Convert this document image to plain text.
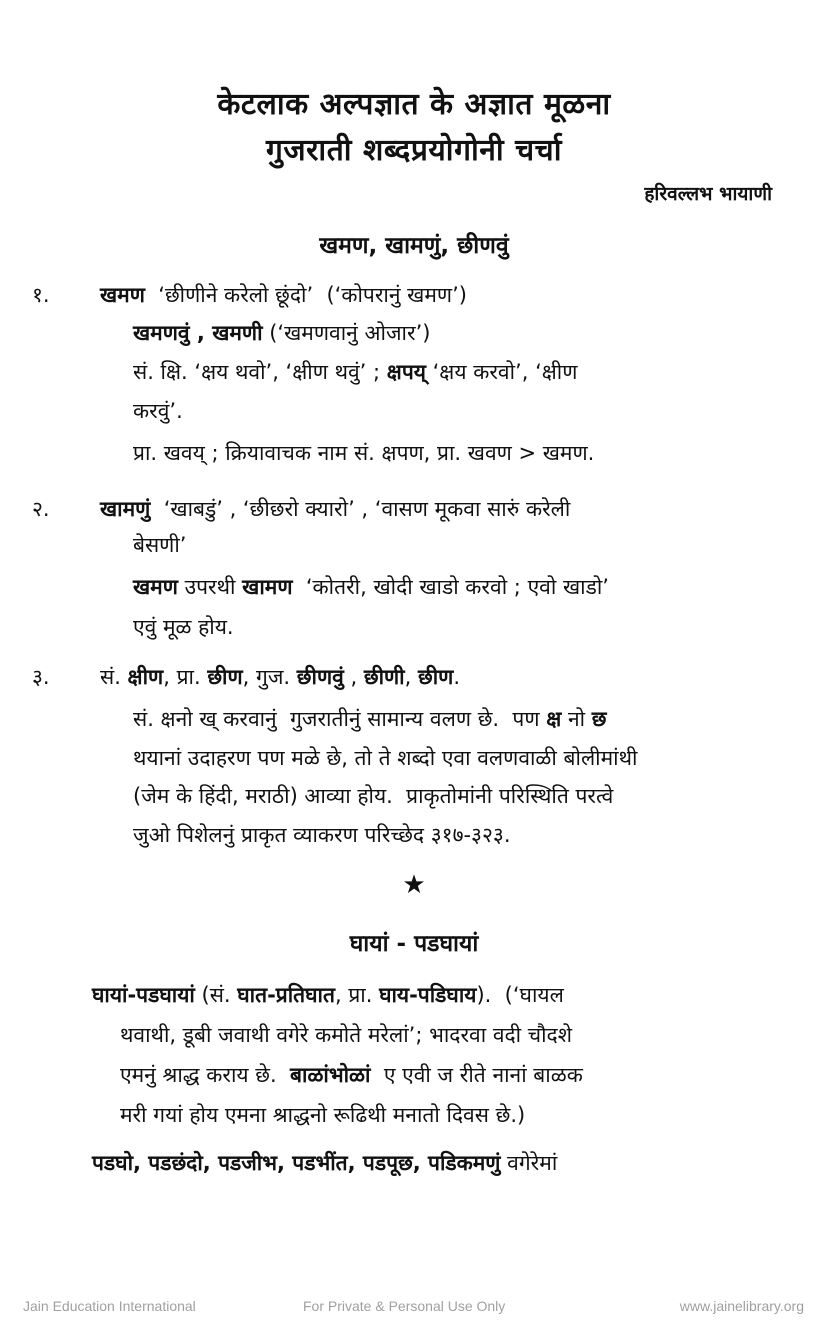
केटलाक अल्पज्ञात के अज्ञात मूळना
गुजराती शब्दप्रयोगोनी चर्चा
हरिवल्लभ भायाणी
खमण, खामणुं, छीणवुं
१. खमण  ‘छीणीने करेलो छूंदो’  (‘कोपरानुं खमण’)
खमणवुं , खमणी (‘खमणवानुं ओजार’)
सं. क्षि. ‘क्षय थवो’, ‘क्षीण थवुं’ ; क्षपय् ‘क्षय करवो’, ‘क्षीण
करवुं’.
प्रा. खवय् ; क्रियावाचक नाम सं. क्षपण, प्रा. खवण > खमण.
२. खामणुं  ‘खाबडुं’ , ‘छीछरो क्यारो’ , ‘वासण मूकवा सारुं करेली
बेसणी’
खमण उपरथी खामण  ‘कोतरी, खोदी खाडो करवो ; एवो खाडो’
एवुं मूळ होय.
३. सं. क्षीण, प्रा. छीण, गुज. छीणवुं , छीणी, छीण.
सं. क्षनो ख् करवानुं  गुजरातीनुं सामान्य वलण छे.  पण क्ष नो छ
थयानां उदाहरण पण मळे छे, तो ते शब्दो एवा वलणवाळी बोलीमांथी
(जेम के हिंदी, मराठी) आव्या होय.  प्राकृतोमांनी परिस्थिति परत्वे
जुओ पिशेलनुं प्राकृत व्याकरण परिच्छेद ३१७-३२३.
★
घायां - पडघायां
घायां-पडघायां (सं. घात-प्रतिघात, प्रा. घाय-पडिघाय).  (‘घायल
थवाथी, डूबी जवाथी वगेरे कमोते मरेलां’; भादरवा वदी चौदशे
एमनुं श्राद्ध कराय छे.  बाळांभोळां  ए एवी ज रीते नानां बाळक
मरी गयां होय एमना श्राद्धनो रूढिथी मनातो दिवस छे.)
पडघो, पडछंदो, पडजीभ, पडभींत, पडपूछ, पडिकमणुं वगेरेमां
Jain Education International	For Private & Personal Use Only	www.jainelibrary.org
